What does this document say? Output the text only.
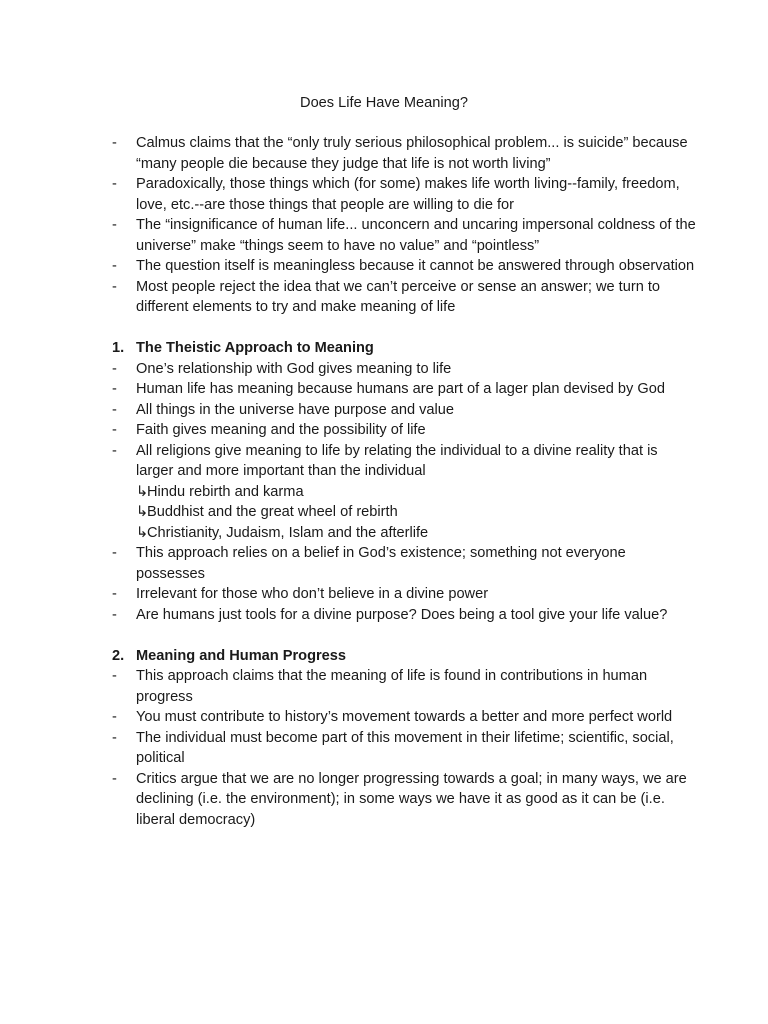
Does Life Have Meaning?
- Calmus claims that the “only truly serious philosophical problem... is suicide” because “many people die because they judge that life is not worth living”
- Paradoxically, those things which (for some) makes life worth living--family, freedom, love, etc.--are those things that people are willing to die for
- The “insignificance of human life... unconcern and uncaring impersonal coldness of the universe” make “things seem to have no value” and “pointless”
- The question itself is meaningless because it cannot be answered through observation
- Most people reject the idea that we can’t perceive or sense an answer; we turn to different elements to try and make meaning of life
1. The Theistic Approach to Meaning
- One’s relationship with God gives meaning to life
- Human life has meaning because humans are part of a lager plan devised by God
- All things in the universe have purpose and value
- Faith gives meaning and the possibility of life
- All religions give meaning to life by relating the individual to a divine reality that is larger and more important than the individual
↳Hindu rebirth and karma
↳Buddhist and the great wheel of rebirth
↳Christianity, Judaism, Islam and the afterlife
- This approach relies on a belief in God’s existence; something not everyone possesses
- Irrelevant for those who don’t believe in a divine power
- Are humans just tools for a divine purpose? Does being a tool give your life value?
2. Meaning and Human Progress
- This approach claims that the meaning of life is found in contributions in human progress
- You must contribute to history’s movement towards a better and more perfect world
- The individual must become part of this movement in their lifetime; scientific, social, political
- Critics argue that we are no longer progressing towards a goal; in many ways, we are declining (i.e. the environment); in some ways we have it as good as it can be (i.e. liberal democracy)
